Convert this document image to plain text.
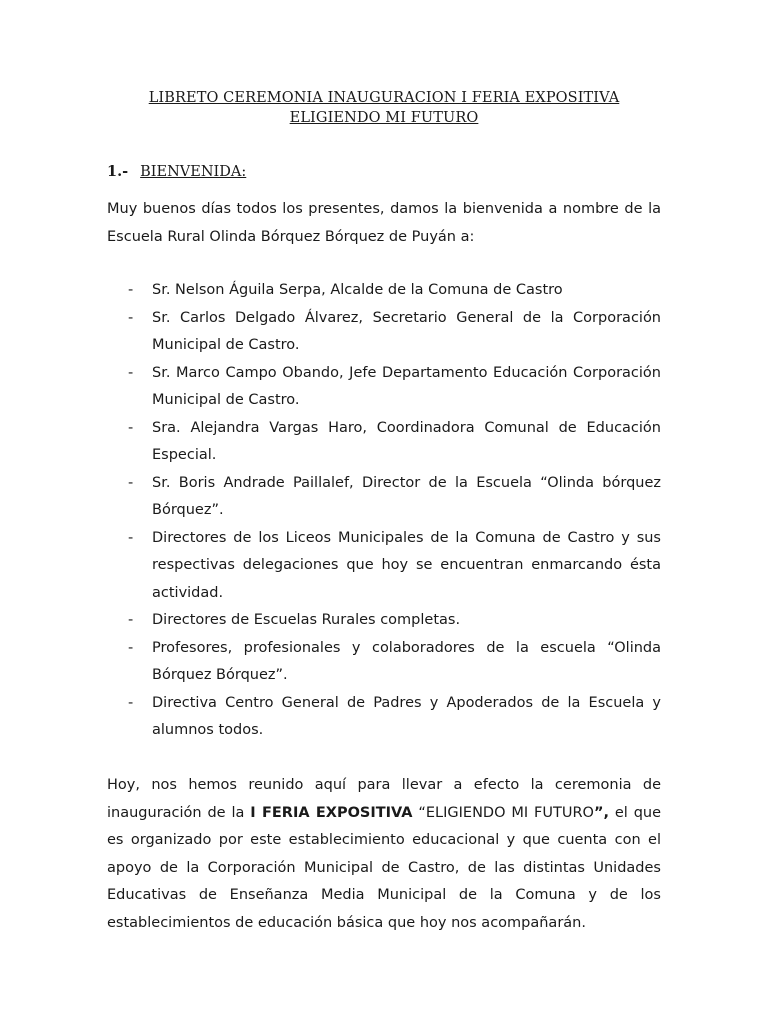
LIBRETO CEREMONIA INAUGURACION I FERIA EXPOSITIVA
ELIGIENDO MI FUTURO
1.- BIENVENIDA:

Muy buenos días todos los presentes, damos la bienvenida a nombre de la Escuela Rural Olinda Bórquez Bórquez de Puyán a:

- Sr. Nelson Águila Serpa, Alcalde de la Comuna de Castro
- Sr. Carlos Delgado Álvarez, Secretario General de la Corporación Municipal de Castro.
- Sr. Marco Campo Obando, Jefe Departamento Educación Corporación Municipal de Castro.
- Sra. Alejandra Vargas Haro, Coordinadora Comunal de Educación Especial.
- Sr. Boris Andrade Paillalef, Director de la Escuela “Olinda bórquez Bórquez”.
- Directores de los Liceos Municipales de la Comuna de Castro y sus respectivas delegaciones que hoy se encuentran enmarcando ésta actividad.
- Directores de Escuelas Rurales completas.
- Profesores, profesionales y colaboradores de la escuela “Olinda Bórquez Bórquez”.
- Directiva Centro General de Padres y Apoderados de la Escuela y alumnos todos.

Hoy, nos hemos reunido aquí para llevar a efecto la ceremonia de inauguración de la I FERIA EXPOSITIVA “ELIGIENDO MI FUTURO”, el que es organizado por este establecimiento educacional y que cuenta con el apoyo de la Corporación Municipal de Castro, de las distintas Unidades Educativas de Enseñanza Media Municipal de la Comuna y de los establecimientos de educación básica que hoy nos acompañarán.
